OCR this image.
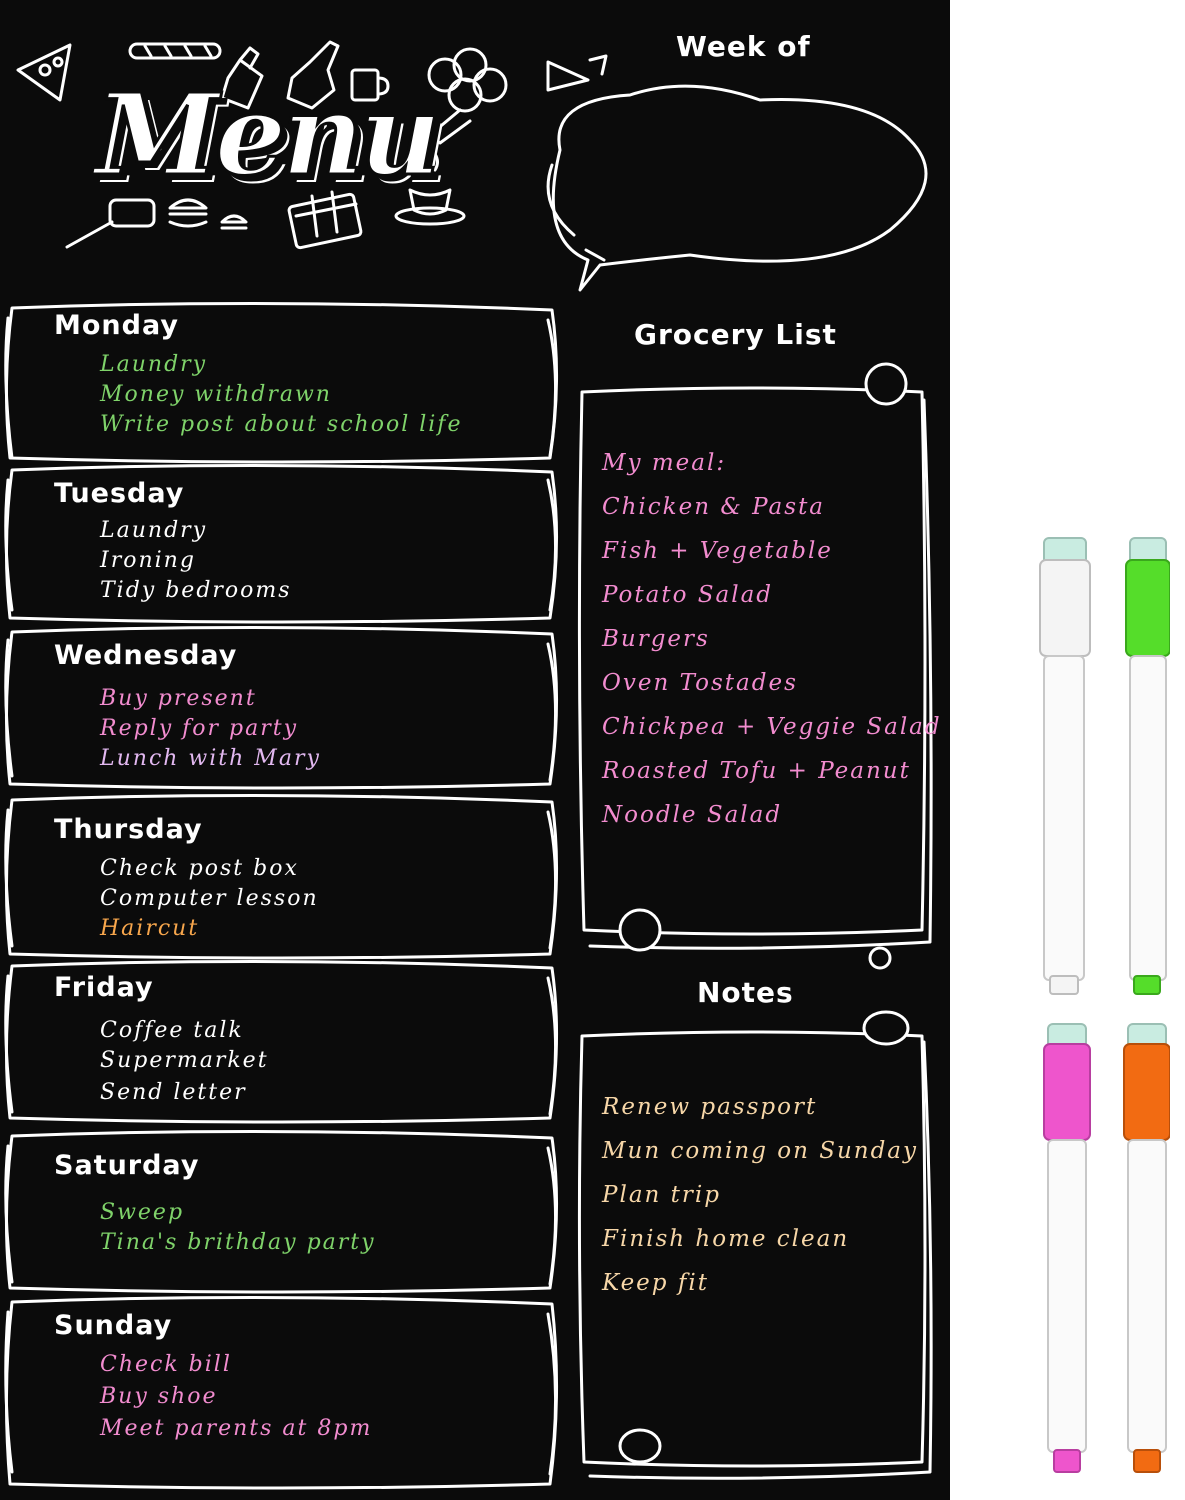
Menu
Week of
Grocery List
Notes
Monday
Laundry
Money withdrawn
Write post about school life
Tuesday
Laundry
Ironing
Tidy bedrooms
Wednesday
Buy present
Reply for party
Lunch with Mary
Thursday
Check post box
Computer lesson
Haircut
Friday
Coffee talk
Supermarket
Send letter
Saturday
Sweep
Tina's brithday party
Sunday
Check bill
Buy shoe
Meet parents at 8pm
My meal:
Chicken & Pasta
Fish + Vegetable
Potato Salad
Burgers
Oven Tostades
Chickpea + Veggie Salad
Roasted Tofu + Peanut
Noodle Salad
Renew passport
Mun coming on Sunday
Plan trip
Finish home clean
Keep fit
